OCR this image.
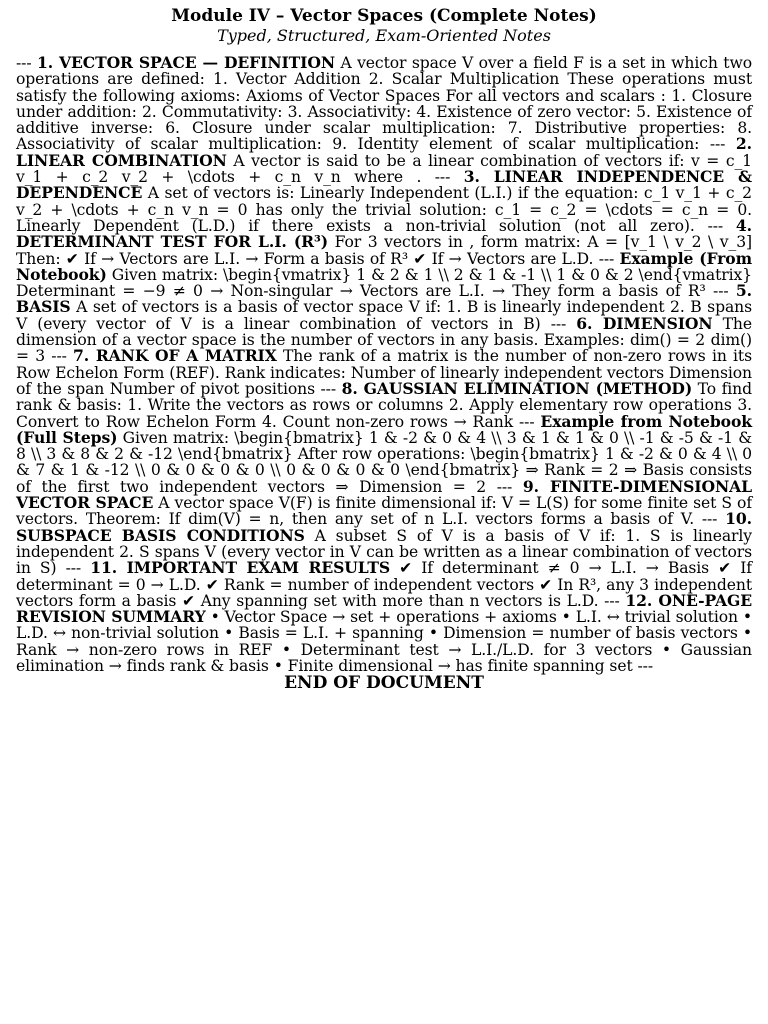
Module IV – Vector Spaces (Complete Notes)

Typed, Structured, Exam-Oriented Notes

--- 1. VECTOR SPACE — DEFINITION A vector space V over a field F is a set in which two operations are defined: 1. Vector Addition 2. Scalar Multiplication These operations must satisfy the following axioms: Axioms of Vector Spaces For all vectors and scalars : 1. Closure under addition: 2. Commutativity: 3. Associativity: 4. Existence of zero vector: 5. Existence of additive inverse: 6. Closure under scalar multiplication: 7. Distributive properties: 8. Associativity of scalar multiplication: 9. Identity element of scalar multiplication: --- 2. LINEAR COMBINATION A vector is said to be a linear combination of vectors if: v = c_1 v_1 + c_2 v_2 + \cdots + c_n v_n where . --- 3. LINEAR INDEPENDENCE & DEPENDENCE A set of vectors is: Linearly Independent (L.I.) if the equation: c_1 v_1 + c_2 v_2 + \cdots + c_n v_n = 0 has only the trivial solution: c_1 = c_2 = \cdots = c_n = 0. Linearly Dependent (L.D.) if there exists a non-trivial solution (not all zero). --- 4. DETERMINANT TEST FOR L.I. (R³) For 3 vectors in , form matrix: A = [v_1 \ v_2 \ v_3] Then: ✔ If → Vectors are L.I. → Form a basis of R³ ✔ If → Vectors are L.D. --- Example (From Notebook) Given matrix: \begin{vmatrix} 1 & 2 & 1 \\ 2 & 1 & -1 \\ 1 & 0 & 2 \end{vmatrix} Determinant = −9 ≠ 0 → Non-singular → Vectors are L.I. → They form a basis of R³ --- 5. BASIS A set of vectors is a basis of vector space V if: 1. B is linearly independent 2. B spans V (every vector of V is a linear combination of vectors in B) --- 6. DIMENSION The dimension of a vector space is the number of vectors in any basis. Examples: dim() = 2 dim() = 3 --- 7. RANK OF A MATRIX The rank of a matrix is the number of non-zero rows in its Row Echelon Form (REF). Rank indicates: Number of linearly independent vectors Dimension of the span Number of pivot positions --- 8. GAUSSIAN ELIMINATION (METHOD) To find rank & basis: 1. Write the vectors as rows or columns 2. Apply elementary row operations 3. Convert to Row Echelon Form 4. Count non-zero rows → Rank --- Example from Notebook (Full Steps) Given matrix: \begin{bmatrix} 1 & -2 & 0 & 4 \\ 3 & 1 & 1 & 0 \\ -1 & -5 & -1 & 8 \\ 3 & 8 & 2 & -12 \end{bmatrix} After row operations: \begin{bmatrix} 1 & -2 & 0 & 4 \\ 0 & 7 & 1 & -12 \\ 0 & 0 & 0 & 0 \\ 0 & 0 & 0 & 0 \end{bmatrix} ⇒ Rank = 2 ⇒ Basis consists of the first two independent vectors ⇒ Dimension = 2 --- 9. FINITE-DIMENSIONAL VECTOR SPACE A vector space V(F) is finite dimensional if: V = L(S) for some finite set S of vectors. Theorem: If dim(V) = n, then any set of n L.I. vectors forms a basis of V. --- 10. SUBSPACE BASIS CONDITIONS A subset S of V is a basis of V if: 1. S is linearly independent 2. S spans V (every vector in V can be written as a linear combination of vectors in S) --- 11. IMPORTANT EXAM RESULTS ✔ If determinant ≠ 0 → L.I. → Basis ✔ If determinant = 0 → L.D. ✔ Rank = number of independent vectors ✔ In R³, any 3 independent vectors form a basis ✔ Any spanning set with more than n vectors is L.D. --- 12. ONE-PAGE REVISION SUMMARY • Vector Space → set + operations + axioms • L.I. ↔ trivial solution • L.D. ↔ non-trivial solution • Basis = L.I. + spanning • Dimension = number of basis vectors • Rank → non-zero rows in REF • Determinant test → L.I./L.D. for 3 vectors • Gaussian elimination → finds rank & basis • Finite dimensional → has finite spanning set ---

END OF DOCUMENT
